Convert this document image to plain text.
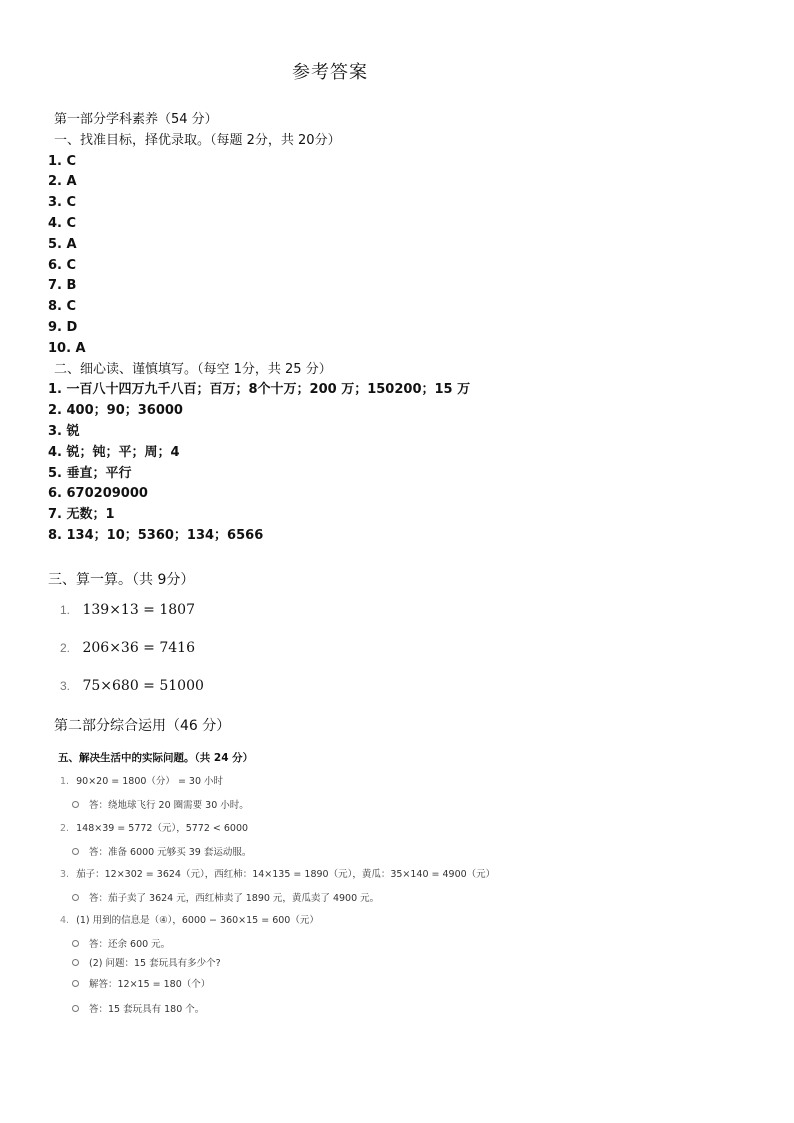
参考答案
第一部分学科素养（54 分）
一、找准目标，择优录取。（每题 2分，共 20分）
1. C
2. A
3. C
4. C
5. A
6. C
7. B
8. C
9. D
10. A
二、细心读、谨慎填写。（每空 1分，共 25 分）
1. 一百八十四万九千八百；百万；8个十万；200 万；150200；15 万
2. 400；90；36000
3. 锐
4. 锐；钝；平；周；4
5. 垂直；平行
6. 670209000
7. 无数；1
8. 134；10；5360；134；6566
三、算一算。（共 9分）
1. 139×13 = 1807
2. 206×36 = 7416
3. 75×680 = 51000
第二部分综合运用（46 分）
五、解决生活中的实际问题。（共 24 分）
1. 90×20 = 1800（分） = 30 小时
答：绕地球飞行 20 圈需要 30 小时。
2. 148×39 = 5772（元），5772 < 6000
答：准备 6000 元够买 39 套运动服。
3. 茄子：12×302 = 3624（元），西红柿：14×135 = 1890（元），黄瓜：35×140 = 4900（元）
答：茄子卖了 3624 元，西红柿卖了 1890 元，黄瓜卖了 4900 元。
4. (1) 用到的信息是（④），6000 − 360×15 = 600（元）
答：还余 600 元。
(2) 问题：15 套玩具有多少个?
解答：12×15 = 180（个）
答：15 套玩具有 180 个。
